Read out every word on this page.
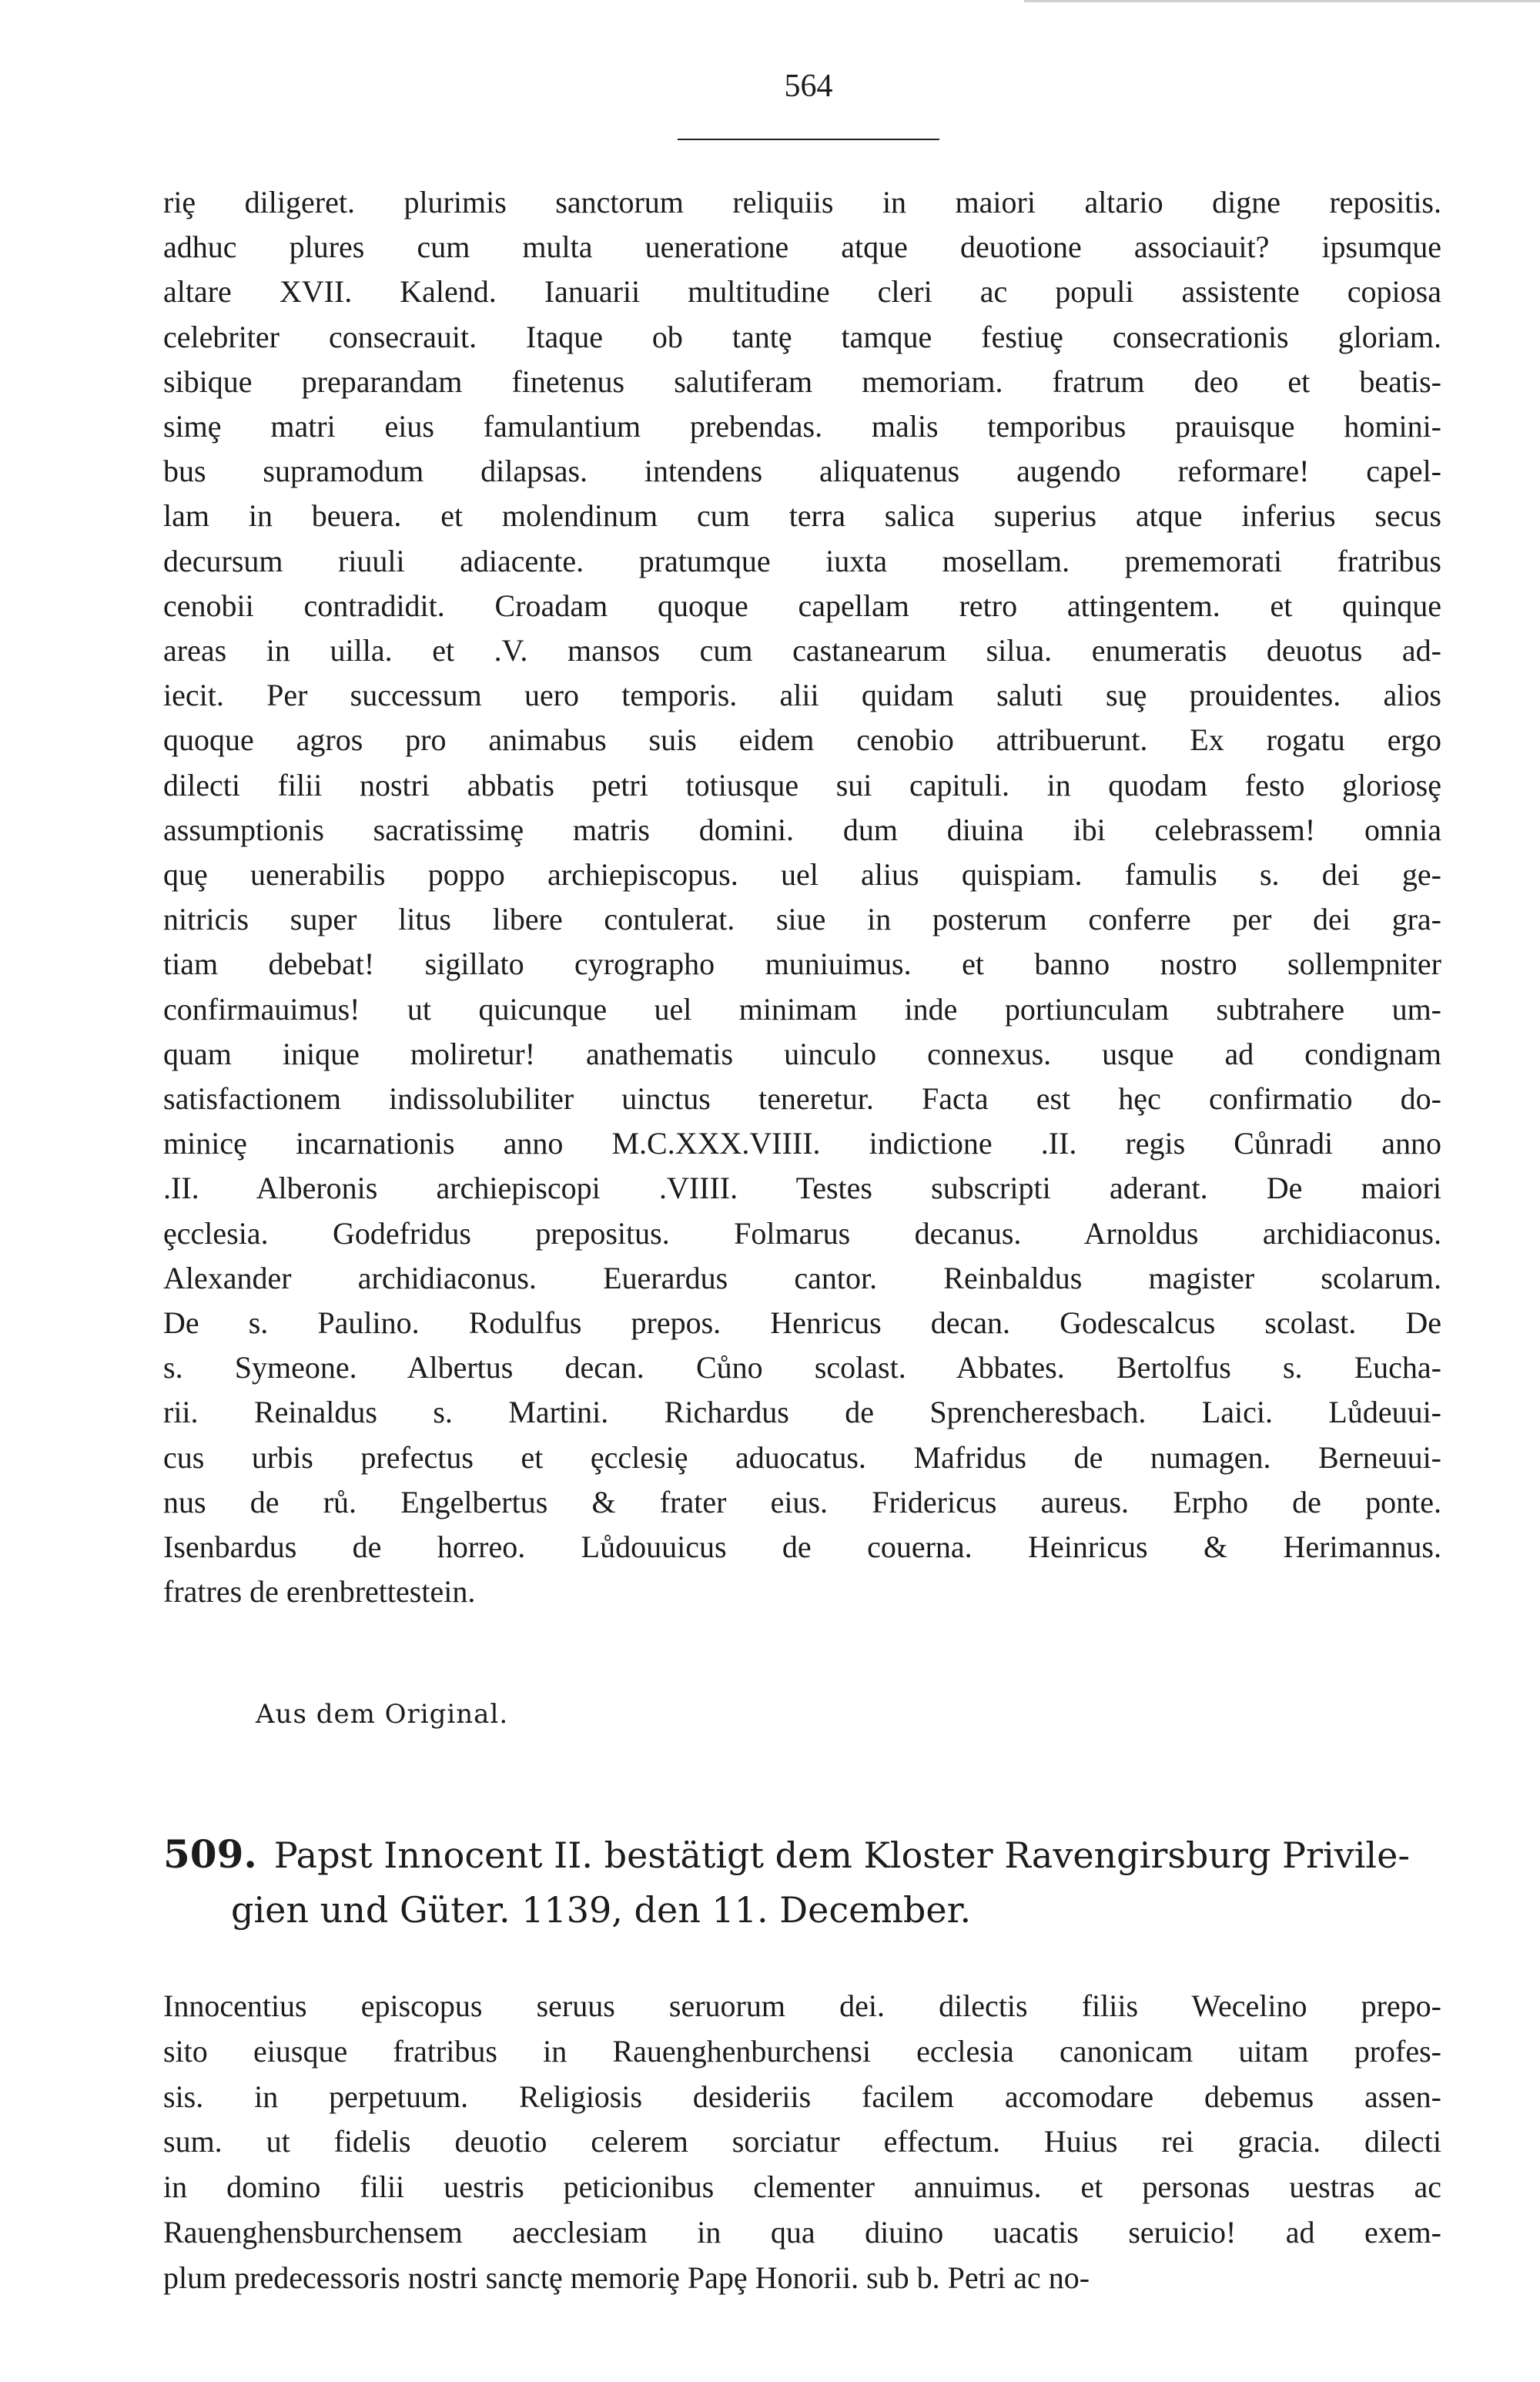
564
riȩ diligeret. plurimis sanctorum reliquiis in maiori altario digne repositis.
adhuc plures cum multa ueneratione atque deuotione associauit? ipsumque
altare XVII. Kalend. Ianuarii multitudine cleri ac populi assistente copiosa
celebriter consecrauit. Itaque ob tantȩ tamque festiuȩ consecrationis gloriam.
sibique preparandam finetenus salutiferam memoriam. fratrum deo et beatis-
simȩ matri eius famulantium prebendas. malis temporibus prauisque homini-
bus supramodum dilapsas. intendens aliquatenus augendo reformare! capel-
lam in beuera. et molendinum cum terra salica superius atque inferius secus
decursum riuuli adiacente. pratumque iuxta mosellam. prememorati fratribus
cenobii contradidit. Croadam quoque capellam retro attingentem. et quinque
areas in uilla. et .V. mansos cum castanearum silua. enumeratis deuotus ad-
iecit. Per successum uero temporis. alii quidam saluti suȩ prouidentes. alios
quoque agros pro animabus suis eidem cenobio attribuerunt. Ex rogatu ergo
dilecti filii nostri abbatis petri totiusque sui capituli. in quodam festo gloriosȩ
assumptionis sacratissimȩ matris domini. dum diuina ibi celebrassem! omnia
quȩ uenerabilis poppo archiepiscopus. uel alius quispiam. famulis s. dei ge-
nitricis super litus libere contulerat. siue in posterum conferre per dei gra-
tiam debebat! sigillato cyrographo muniuimus. et banno nostro sollempniter
confirmauimus! ut quicunque uel minimam inde portiunculam subtrahere um-
quam inique moliretur! anathematis uinculo connexus. usque ad condignam
satisfactionem indissolubiliter uinctus teneretur. Facta est hȩc confirmatio do-
minicȩ incarnationis anno M.C.XXX.VIIII. indictione .II. regis Cůnradi anno
.II. Alberonis archiepiscopi .VIIII. Testes subscripti aderant. De maiori
ȩcclesia. Godefridus prepositus. Folmarus decanus. Arnoldus archidiaconus.
Alexander archidiaconus. Euerardus cantor. Reinbaldus magister scolarum.
De s. Paulino. Rodulfus prepos. Henricus decan. Godescalcus scolast. De
s. Symeone. Albertus decan. Cůno scolast. Abbates. Bertolfus s. Eucha-
rii. Reinaldus s. Martini. Richardus de Sprencheresbach. Laici. Lůdeuui-
cus urbis prefectus et ȩcclesiȩ aduocatus. Mafridus de numagen. Berneuui-
nus de rů. Engelbertus & frater eius. Fridericus aureus. Erpho de ponte.
Isenbardus de horreo. Lůdouuicus de couerna. Heinricus & Herimannus.
fratres de erenbrettestein.
Aus dem Original.
509. Papst Innocent II. bestätigt dem Kloster Ravengirsburg Privile-
gien und Güter. 1139, den 11. December.
Innocentius episcopus seruus seruorum dei. dilectis filiis Wecelino prepo-
sito eiusque fratribus in Rauenghenburchensi ecclesia canonicam uitam profes-
sis. in perpetuum. Religiosis desideriis facilem accomodare debemus assen-
sum. ut fidelis deuotio celerem sorciatur effectum. Huius rei gracia. dilecti
in domino filii uestris peticionibus clementer annuimus. et personas uestras ac
Rauenghensburchensem aecclesiam in qua diuino uacatis seruicio! ad exem-
plum predecessoris nostri sanctȩ memoriȩ Papȩ Honorii. sub b. Petri ac no-
